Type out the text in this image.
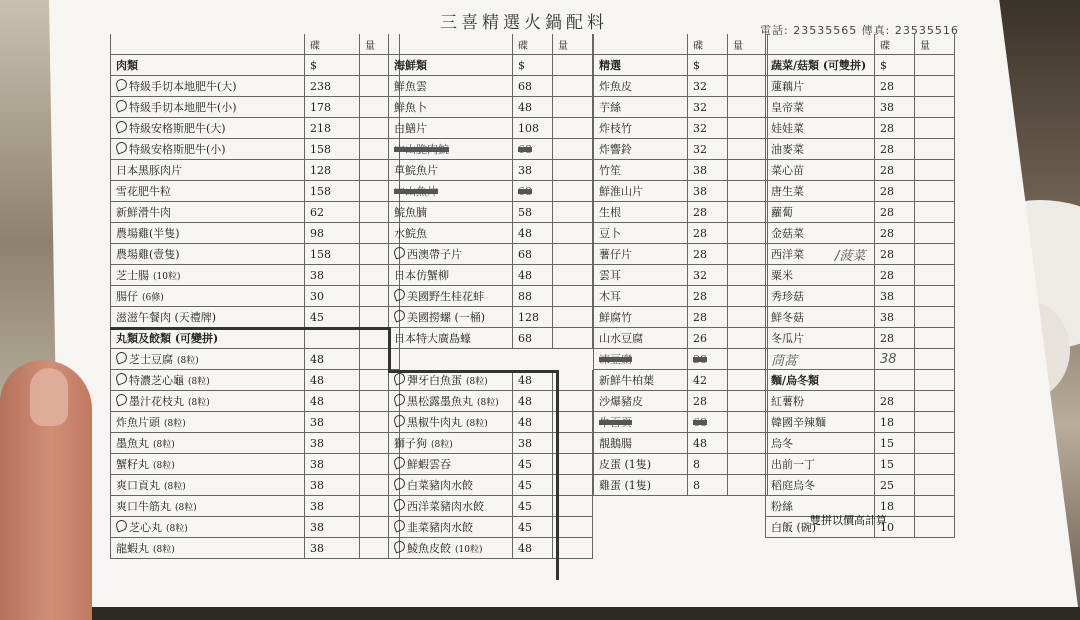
三喜精選火鍋配料	電話: 23535565 傳真: 23535516
碟	量
肉類	$
特級手切本地肥牛(大)	238
特級手切本地肥牛(小)	178
特級安格斯肥牛(大)	218
特級安格斯肥牛(小)	158
日本黑豚肉片	128
雪花肥牛粒	158
新鮮滑牛肉	62
農場雞(半隻)	98
農場雞(壹隻)	158
芝士腸 (10粒)	38
腸仔 (6條)	30
滋滋午餐肉 (天禮牌)	45
丸類及餃類 (可變拼)
芝士豆腐 (8粒)	48
特濃芝心龜 (8粒)	48
墨汁花枝丸 (8粒)	48
炸魚片頭 (8粒)	38
墨魚丸 (8粒)	38
蟹籽丸 (8粒)	38
爽口貢丸 (8粒)	38
爽口牛筋丸 (8粒)	38
芝心丸 (8粒)	38
龍蝦丸 (8粒)	38
碟	量
海鮮類	$
鮮魚雲	68
鮮魚卜	48
白鱔片	108
中山脆肉鯇	68
草鯇魚片	38
中山魚片	68
鯇魚腩	58
水鯇魚	48
西澳帶子片	68
日本仿蟹柳	48
美國野生桂花蚌	88
美國撈螺 (一桶)	128
日本特大廣島蠔	68
彈牙白魚蛋 (8粒)	48
黑松露墨魚丸 (8粒)	48
黑椒牛肉丸 (8粒)	48
獅子狗 (8粒)	38
鮮蝦雲吞	45
白菜豬肉水餃	45
西洋菜豬肉水餃	45
韭菜豬肉水餃	45
鯪魚皮餃 (10粒)	48
碟	量
精選	$
炸魚皮	32
芋絲	32
炸枝竹	32
炸響鈴	32
竹笙	38
鮮淮山片	38
生根	28
豆卜	28
薯仔片	28
雲耳	32
木耳	28
鮮腐竹	28
山水豆腐	26
凍豆腐	38
新鮮牛柏葉	42
沙爆豬皮	28
牛百頁	68
靚鵝腸	48
皮蛋 (1隻)	8
雞蛋 (1隻)	8
碟	量
蔬菜/菇類 (可雙拼)	$
蓮藕片	28
皇帝菜	38
娃娃菜	28
油麥菜	28
菜心苗	28
唐生菜	28
蘿蔔	28
金菇菜	28
西洋菜	28
/菠菜
粟米	28
秀珍菇	38
鮮冬菇	38
冬瓜片	28
茼蒿	38
麵/烏冬類
紅薯粉	28
韓國辛辣麵	18
烏冬	15
出前一丁	15
稻庭烏冬	25
粉絲	18
白飯 (碗)	10
雙拼以價高計算
